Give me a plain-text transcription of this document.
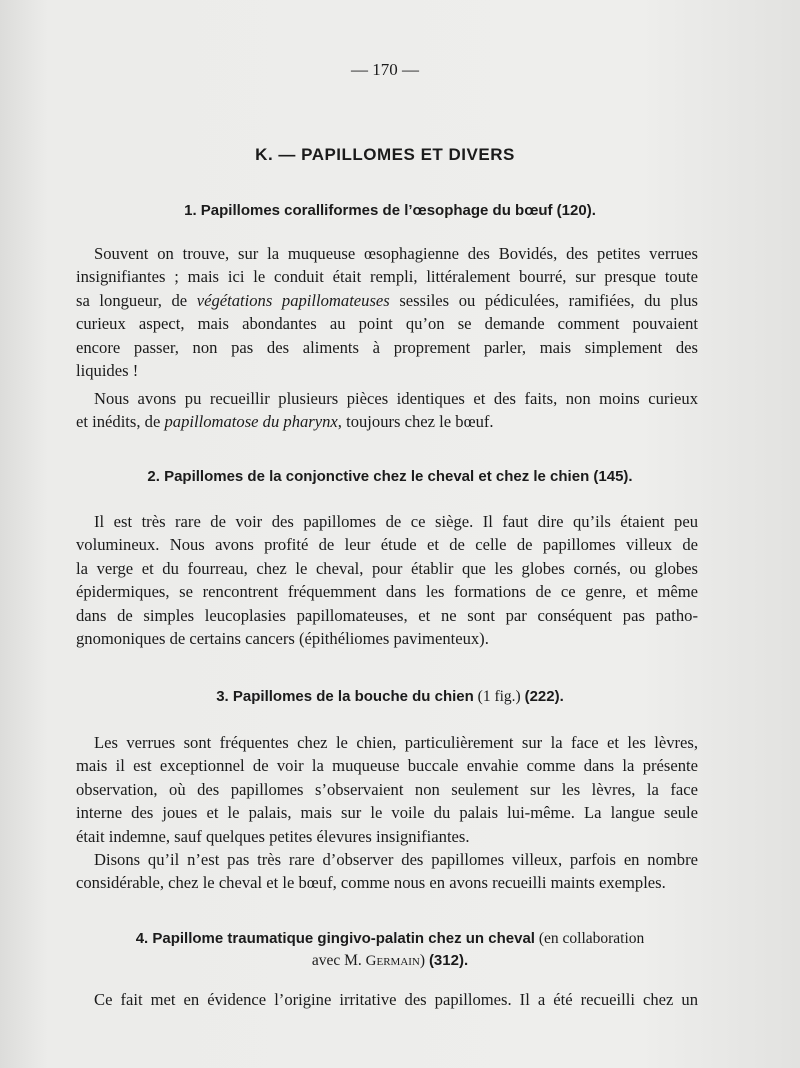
— 170 —
K. — PAPILLOMES ET DIVERS
1. Papillomes coralliformes de l’œsophage du bœuf (120).
Souvent on trouve, sur la muqueuse œsophagienne des Bovidés, des petites verrues
insignifiantes ; mais ici le conduit était rempli, littéralement bourré, sur presque toute
sa longueur, de végétations papillomateuses sessiles ou pédiculées, ramifiées, du plus
curieux aspect, mais abondantes au point qu’on se demande comment pouvaient
encore passer, non pas des aliments à proprement parler, mais simplement des
liquides !
Nous avons pu recueillir plusieurs pièces identiques et des faits, non moins curieux
et inédits, de papillomatose du pharynx, toujours chez le bœuf.
2. Papillomes de la conjonctive chez le cheval et chez le chien (145).
Il est très rare de voir des papillomes de ce siège. Il faut dire qu’ils étaient peu
volumineux. Nous avons profité de leur étude et de celle de papillomes villeux de
la verge et du fourreau, chez le cheval, pour établir que les globes cornés, ou globes
épidermiques, se rencontrent fréquemment dans les formations de ce genre, et même
dans de simples leucoplasies papillomateuses, et ne sont par conséquent pas patho-
gnomoniques de certains cancers (épithéliomes pavimenteux).
3. Papillomes de la bouche du chien (1 fig.) (222).
Les verrues sont fréquentes chez le chien, particulièrement sur la face et les lèvres,
mais il est exceptionnel de voir la muqueuse buccale envahie comme dans la présente
observation, où des papillomes s’observaient non seulement sur les lèvres, la face
interne des joues et le palais, mais sur le voile du palais lui-même. La langue seule
était indemne, sauf quelques petites élevures insignifiantes.
Disons qu’il n’est pas très rare d’observer des papillomes villeux, parfois en nombre
considérable, chez le cheval et le bœuf, comme nous en avons recueilli maints exemples.
4. Papillome traumatique gingivo-palatin chez un cheval (en collaboration
avec M. Germain) (312).
Ce fait met en évidence l’origine irritative des papillomes. Il a été recueilli chez un
